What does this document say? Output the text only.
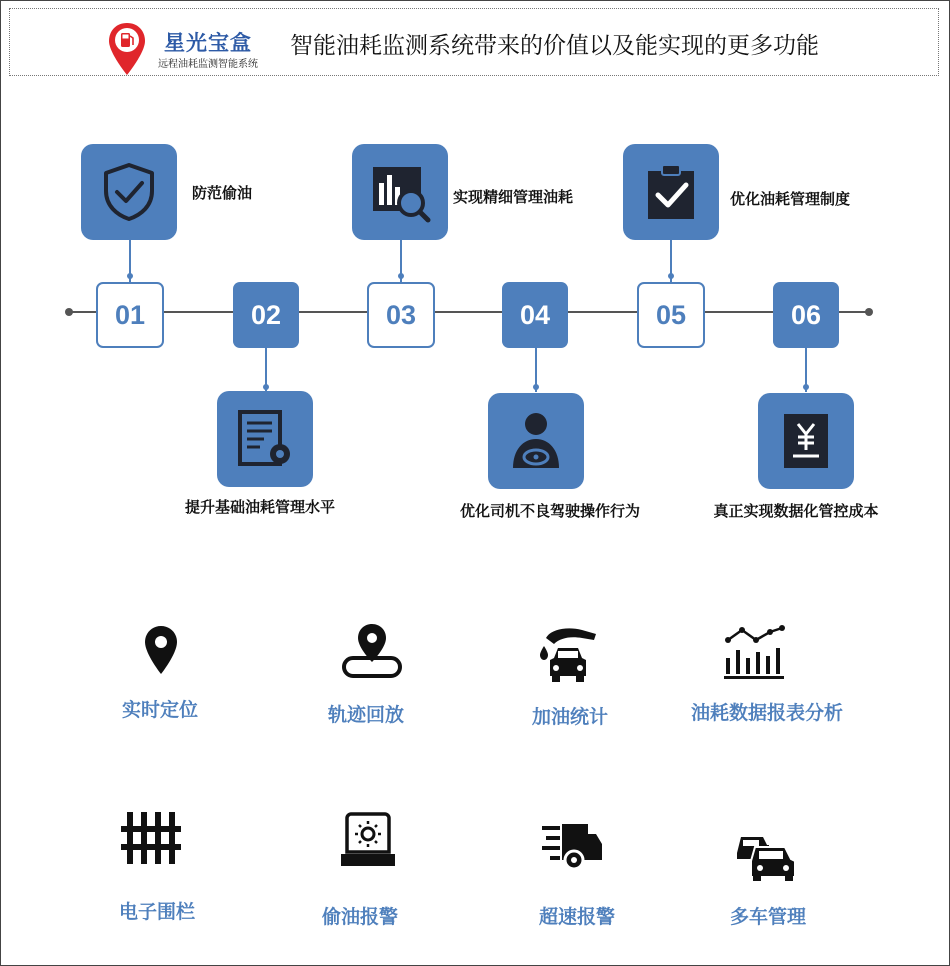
星光宝盒
远程油耗监测智能系统
智能油耗监测系统带来的价值以及能实现的更多功能
01	02	03	04	05	06
防范偷油	实现精细管理油耗	优化油耗管理制度
提升基础油耗管理水平	优化司机不良驾驶操作行为	真正实现数据化管控成本
实时定位	轨迹回放	加油统计	油耗数据报表分析
电子围栏	偷油报警	超速报警	多车管理
